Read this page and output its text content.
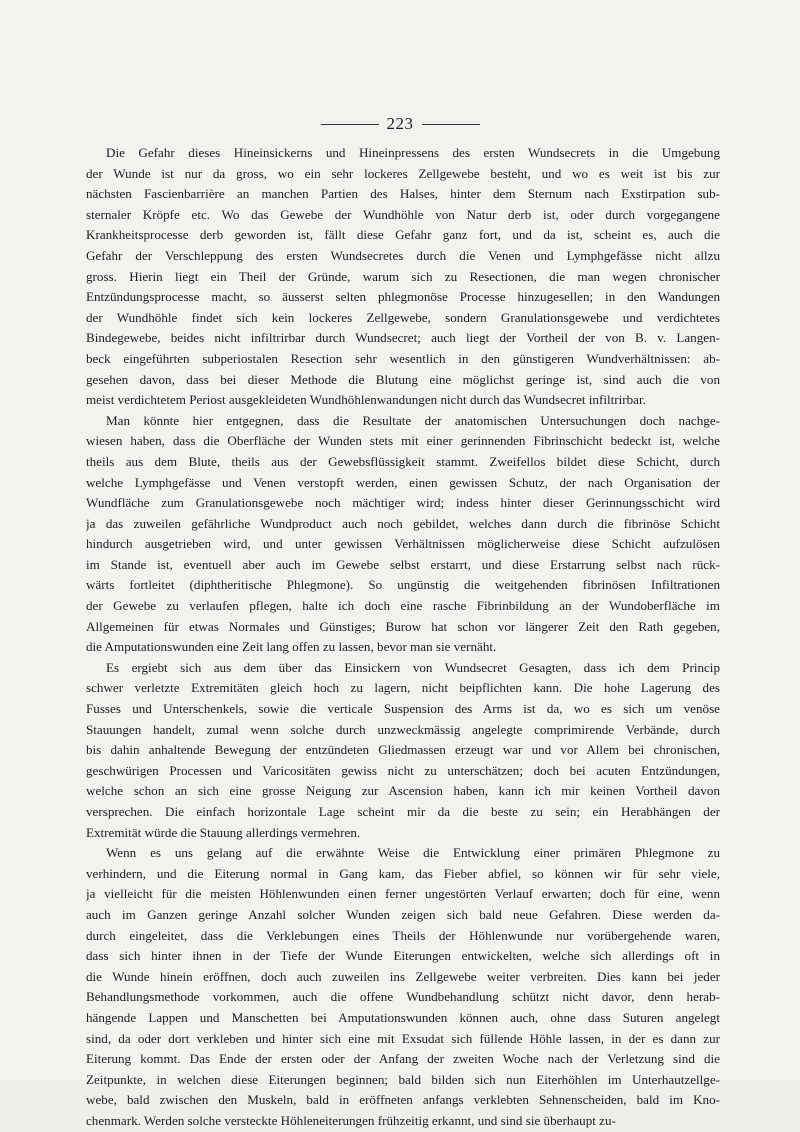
223
Die Gefahr dieses Hineinsickerns und Hineinpressens des ersten Wundsecrets in die Umgebung
der Wunde ist nur da gross, wo ein sehr lockeres Zellgewebe besteht, und wo es weit ist bis zur
nächsten Fascienbarrière an manchen Partien des Halses, hinter dem Sternum nach Exstirpation sub-
sternaler Kröpfe etc. Wo das Gewebe der Wundhöhle von Natur derb ist, oder durch vorgegangene
Krankheitsprocesse derb geworden ist, fällt diese Gefahr ganz fort, und da ist, scheint es, auch die
Gefahr der Verschleppung des ersten Wundsecretes durch die Venen und Lymphgefässe nicht allzu
gross. Hierin liegt ein Theil der Gründe, warum sich zu Resectionen, die man wegen chronischer
Entzündungsprocesse macht, so äusserst selten phlegmonöse Processe hinzugesellen; in den Wandungen
der Wundhöhle findet sich kein lockeres Zellgewebe, sondern Granulationsgewebe und verdichtetes
Bindegewebe, beides nicht infiltrirbar durch Wundsecret; auch liegt der Vortheil der von B. v. Langen-
beck eingeführten subperiostalen Resection sehr wesentlich in den günstigeren Wundverhältnissen: ab-
gesehen davon, dass bei dieser Methode die Blutung eine möglichst geringe ist, sind auch die von
meist verdichtetem Periost ausgekleideten Wundhöhlenwandungen nicht durch das Wundsecret infiltrirbar.
Man könnte hier entgegnen, dass die Resultate der anatomischen Untersuchungen doch nachge-
wiesen haben, dass die Oberfläche der Wunden stets mit einer gerinnenden Fibrinschicht bedeckt ist, welche
theils aus dem Blute, theils aus der Gewebsflüssigkeit stammt. Zweifellos bildet diese Schicht, durch
welche Lymphgefässe und Venen verstopft werden, einen gewissen Schutz, der nach Organisation der
Wundfläche zum Granulationsgewebe noch mächtiger wird; indess hinter dieser Gerinnungsschicht wird
ja das zuweilen gefährliche Wundproduct auch noch gebildet, welches dann durch die fibrinöse Schicht
hindurch ausgetrieben wird, und unter gewissen Verhältnissen möglicherweise diese Schicht aufzulösen
im Stande ist, eventuell aber auch im Gewebe selbst erstarrt, und diese Erstarrung selbst nach rück-
wärts fortleitet (diphtheritische Phlegmone). So ungünstig die weitgehenden fibrinösen Infiltrationen
der Gewebe zu verlaufen pflegen, halte ich doch eine rasche Fibrinbildung an der Wundoberfläche im
Allgemeinen für etwas Normales und Günstiges; Burow hat schon vor längerer Zeit den Rath gegeben,
die Amputationswunden eine Zeit lang offen zu lassen, bevor man sie vernäht.
Es ergiebt sich aus dem über das Einsickern von Wundsecret Gesagten, dass ich dem Princip
schwer verletzte Extremitäten gleich hoch zu lagern, nicht beipflichten kann. Die hohe Lagerung des
Fusses und Unterschenkels, sowie die verticale Suspension des Arms ist da, wo es sich um venöse
Stauungen handelt, zumal wenn solche durch unzweckmässig angelegte comprimirende Verbände, durch
bis dahin anhaltende Bewegung der entzündeten Gliedmassen erzeugt war und vor Allem bei chronischen,
geschwürigen Processen und Varicositäten gewiss nicht zu unterschätzen; doch bei acuten Entzündungen,
welche schon an sich eine grosse Neigung zur Ascension haben, kann ich mir keinen Vortheil davon
versprechen. Die einfach horizontale Lage scheint mir da die beste zu sein; ein Herabhängen der
Extremität würde die Stauung allerdings vermehren.
Wenn es uns gelang auf die erwähnte Weise die Entwicklung einer primären Phlegmone zu
verhindern, und die Eiterung normal in Gang kam, das Fieber abfiel, so können wir für sehr viele,
ja vielleicht für die meisten Höhlenwunden einen ferner ungestörten Verlauf erwarten; doch für eine, wenn
auch im Ganzen geringe Anzahl solcher Wunden zeigen sich bald neue Gefahren. Diese werden da-
durch eingeleitet, dass die Verklebungen eines Theils der Höhlenwunde nur vorübergehende waren,
dass sich hinter ihnen in der Tiefe der Wunde Eiterungen entwickelten, welche sich allerdings oft in
die Wunde hinein eröffnen, doch auch zuweilen ins Zellgewebe weiter verbreiten. Dies kann bei jeder
Behandlungsmethode vorkommen, auch die offene Wundbehandlung schützt nicht davor, denn herab-
hängende Lappen und Manschetten bei Amputationswunden können auch, ohne dass Suturen angelegt
sind, da oder dort verkleben und hinter sich eine mit Exsudat sich füllende Höhle lassen, in der es dann zur
Eiterung kommt. Das Ende der ersten oder der Anfang der zweiten Woche nach der Verletzung sind die
Zeitpunkte, in welchen diese Eiterungen beginnen; bald bilden sich nun Eiterhöhlen im Unterhautzellge-
webe, bald zwischen den Muskeln, bald in eröffneten anfangs verklebten Sehnenscheiden, bald im Kno-
chenmark. Werden solche versteckte Höhleneiterungen frühzeitig erkannt, und sind sie überhaupt zu-
